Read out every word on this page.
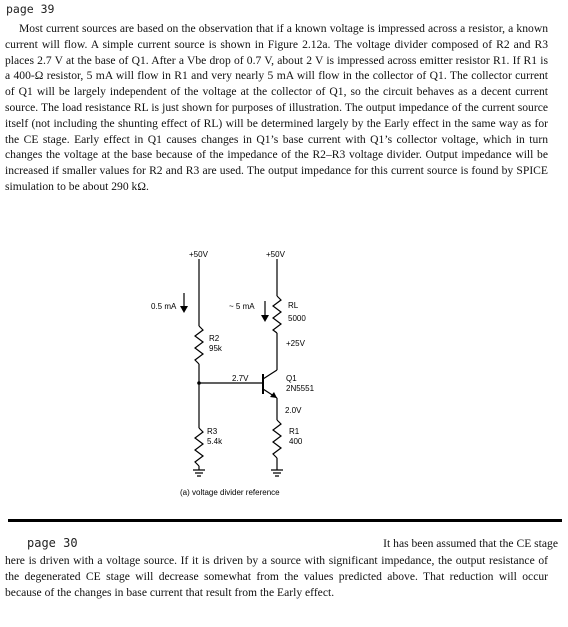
page 39
Most current sources are based on the observation that if a known voltage is impressed across a resistor, a known current will flow. A simple current source is shown in Figure 2.12a. The voltage divider composed of R2 and R3 places 2.7 V at the base of Q1. After a Vbe drop of 0.7 V, about 2 V is impressed across emitter resistor R1. If R1 is a 400-Ω resistor, 5 mA will flow in R1 and very nearly 5 mA will flow in the collector of Q1. The collector current of Q1 will be largely independent of the voltage at the collector of Q1, so the circuit behaves as a decent current source. The load resistance RL is just shown for purposes of illustration. The output impedance of the current source itself (not including the shunting effect of RL) will be determined largely by the Early effect in the same way as for the CE stage. Early effect in Q1 causes changes in Q1’s base current with Q1’s collector voltage, which in turn changes the voltage at the base because of the impedance of the R2–R3 voltage divider. Output impedance will be increased if smaller values for R2 and R3 are used. The output impedance for this current source is found by SPICE simulation to be about 290 kΩ.
+50V	+50V
0.5 mA	~ 5 mA	RL
5000
R2
95k
+25V
2.7V	Q1
2N5551
2.0V
R3
5.4k
R1
400
(a) voltage divider reference
page 30	It has been assumed that the CE stage
here is driven with a voltage source. If it is driven by a source with significant impedance, the output resistance of the degenerated CE stage will decrease somewhat from the values predicted above. That reduction will occur because of the changes in base current that result from the Early effect.
